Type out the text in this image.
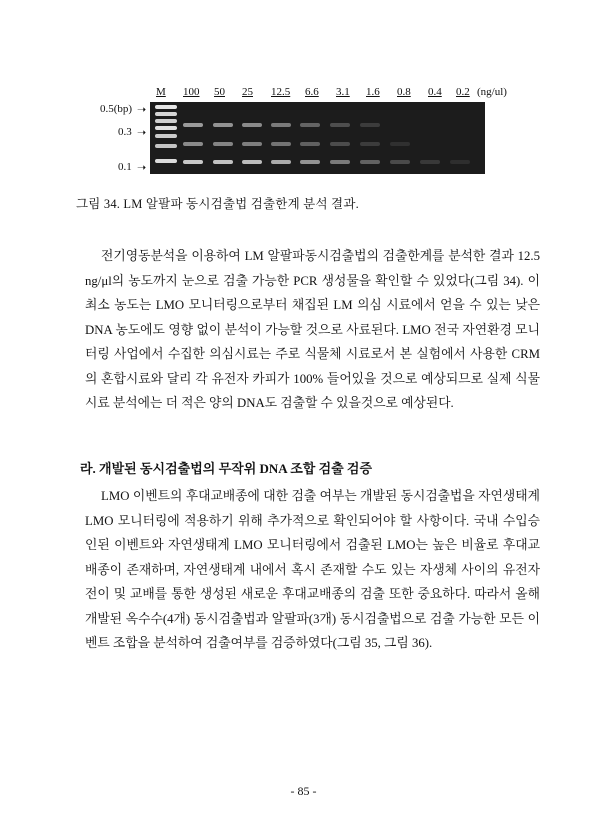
M 100 50 25 12.5 6.6 3.1 1.6 0.8 0.4 0.2 (ng/ul)
0.5(bp) ➝
0.3 ➝
0.1 ➝
그림 34. LM 알팔파 동시검출법 검출한계 분석 결과.

전기영동분석을 이용하여 LM 알팔파동시검출법의 검출한계를 분석한 결과 12.5 ng/μl의 농도까지 눈으로 검출 가능한 PCR 생성물을 확인할 수 있었다(그림 34). 이 최소 농도는 LMO 모니터링으로부터 채집된 LM 의심 시료에서 얻을 수 있는 낮은 DNA 농도에도 영향 없이 분석이 가능할 것으로 사료된다. LMO 전국 자연환경 모니터링 사업에서 수집한 의심시료는 주로 식물체 시료로서 본 실험에서 사용한 CRM의 혼합시료와 달리 각 유전자 카피가 100% 들어있을 것으로 예상되므로 실제 식물시료 분석에는 더 적은 양의 DNA도 검출할 수 있을것으로 예상된다.

라. 개발된 동시검출법의 무작위 DNA 조합 검출 검증

LMO 이벤트의 후대교배종에 대한 검출 여부는 개발된 동시검출법을 자연생태계 LMO 모니터링에 적용하기 위해 추가적으로 확인되어야 할 사항이다. 국내 수입승인된 이벤트와 자연생태계 LMO 모니터링에서 검출된 LMO는 높은 비율로 후대교배종이 존재하며, 자연생태계 내에서 혹시 존재할 수도 있는 자생체 사이의 유전자 전이 및 교배를 통한 생성된 새로운 후대교배종의 검출 또한 중요하다. 따라서 올해 개발된 옥수수(4개) 동시검출법과 알팔파(3개) 동시검출법으로 검출 가능한 모든 이벤트 조합을 분석하여 검출여부를 검증하였다(그림 35, 그림 36).

- 85 -
